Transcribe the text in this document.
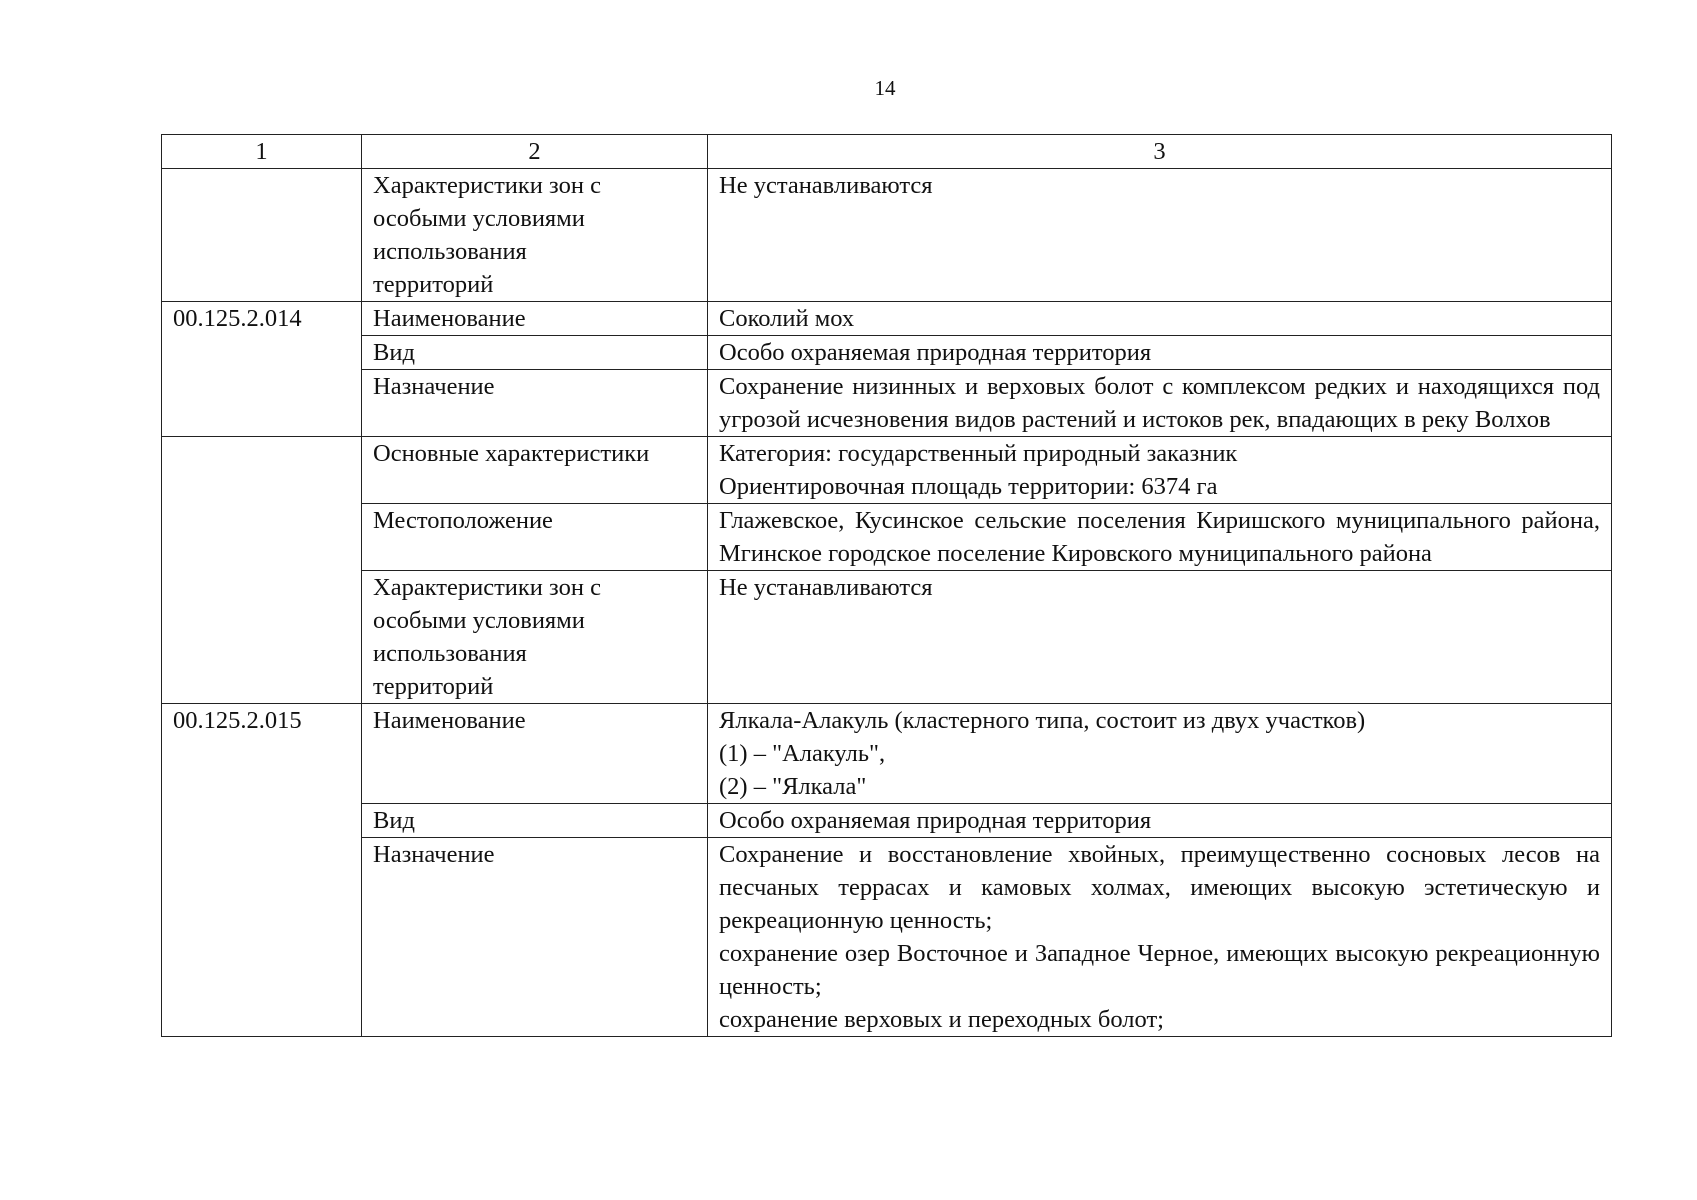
14
1	2	3
	Характеристики зон с особыми условиями использования территорий	Не устанавливаются
00.125.2.014	Наименование	Соколий мох
	Вид	Особо охраняемая природная территория
	Назначение	Сохранение низинных и верховых болот с комплексом редких и находящихся под угрозой исчезновения видов растений и истоков рек, впадающих в реку Волхов
	Основные характеристики	Категория: государственный природный заказник
Ориентировочная площадь территории: 6374 га

	Местоположение	Глажевское, Кусинское сельские поселения Киришского муниципального района, Мгинское городское поселение Кировского муниципального района
	Характеристики зон с особыми условиями использования территорий	Не устанавливаются
00.125.2.015	Наименование	Ялкала-Алакуль (кластерного типа, состоит из двух участков)
(1) – "Алакуль",
(2) – "Ялкала"

	Вид	Особо охраняемая природная территория
	Назначение	Сохранение и восстановление хвойных, преимущественно сосновых лесов на песчаных террасах и камовых холмах, имеющих высокую эстетическую и рекреационную ценность;
сохранение озер Восточное и Западное Черное, имеющих высокую рекреационную ценность;
сохранение верховых и переходных болот;
